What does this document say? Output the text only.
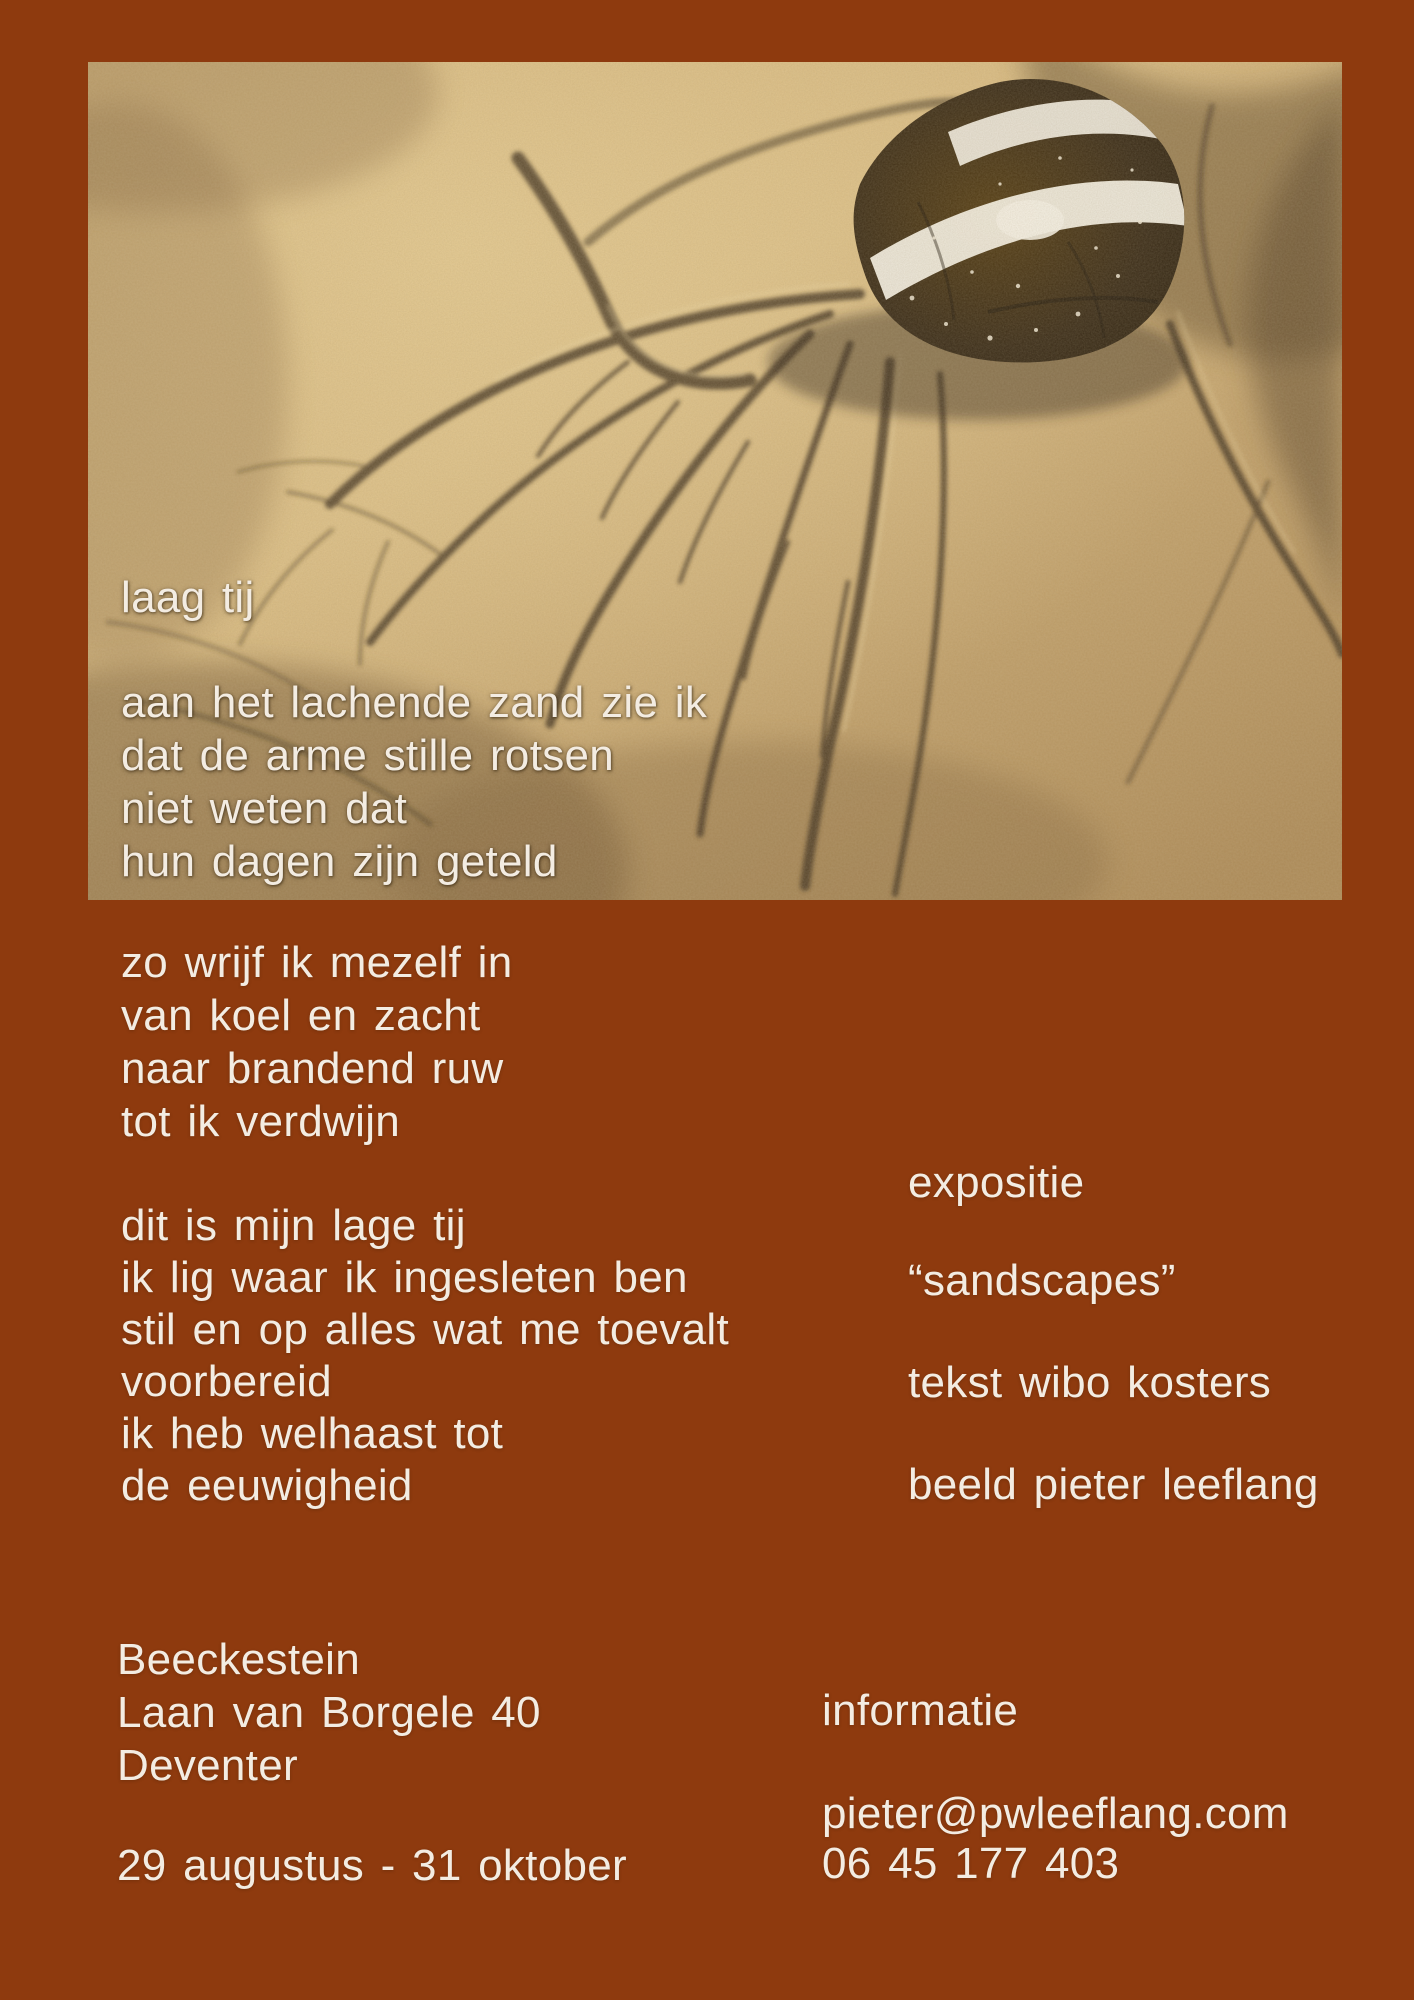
laag tij
aan het lachende zand zie ik
dat de arme stille rotsen
niet weten dat
hun dagen zijn geteld
zo wrijf ik mezelf in
van koel en zacht
naar brandend ruw
tot ik verdwijn
dit is mijn lage tij
ik lig waar ik ingesleten ben
stil en op alles wat me toevalt
voorbereid
ik heb welhaast tot
de eeuwigheid
expositie
“sandscapes”
tekst wibo kosters
beeld pieter leeflang
Beeckestein
Laan van Borgele 40
Deventer
29 augustus - 31 oktober
informatie
pieter@pwleeflang.com
06 45 177 403
